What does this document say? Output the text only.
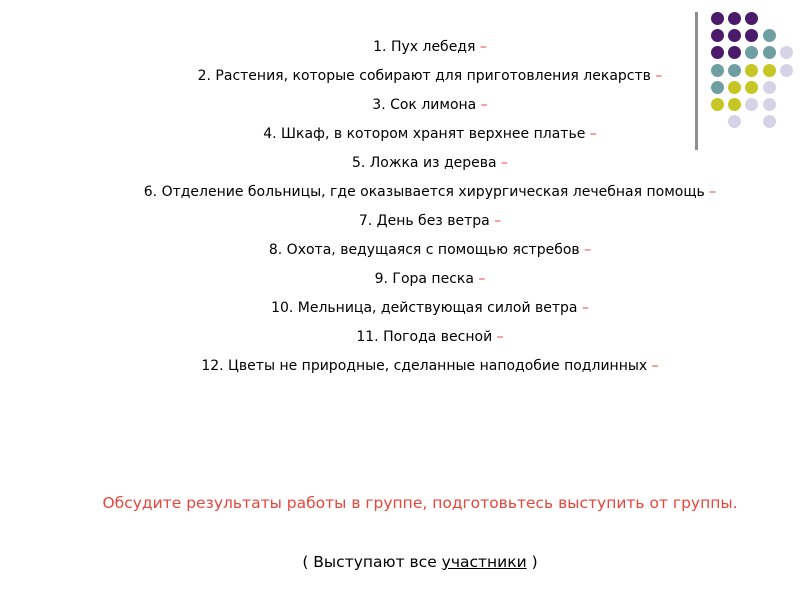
1. Пух лебедя –

2. Растения, которые собирают для приготовления лекарств –

3. Сок лимона –

4. Шкаф, в котором хранят верхнее платье –

5. Ложка из дерева –

6. Отделение больницы, где оказывается хирургическая лечебная помощь –

7. День без ветра –

8. Охота, ведущаяся с помощью ястребов –

9. Гора песка –

10. Мельница, действующая силой ветра –

11. Погода весной –

12. Цветы не природные, сделанные наподобие подлинных –

Обсудите результаты работы в группе, подготовьтесь выступить от группы.
( Выступают все участники )
